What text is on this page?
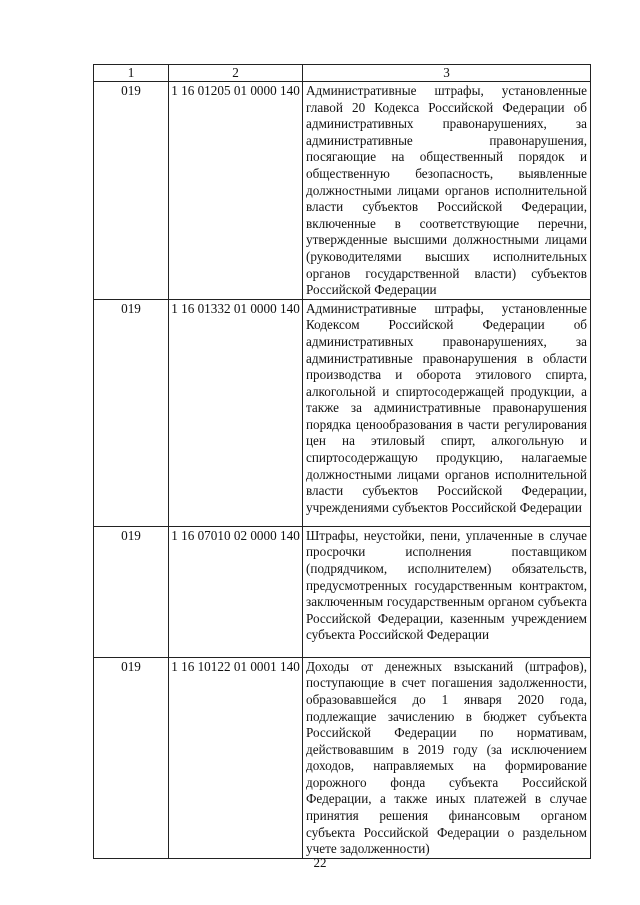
1	2	3
019	1 16 01205 01 0000 140	Административные штрафы, установленные главой 20 Кодекса Российской Федерации об административных правонарушениях, за административные правонарушения, посягающие на общественный порядок и общественную безопасность, выявленные должностными лицами органов исполнительной власти субъектов Российской Федерации, включенные в соответствующие перечни, утвержденные высшими должностными лицами (руководителями высших исполнительных органов государственной власти) субъектов Российской Федерации
019	1 16 01332 01 0000 140	Административные штрафы, установленные Кодексом Российской Федерации об административных правонарушениях, за административные правонарушения в области производства и оборота этилового спирта, алкогольной и спиртосодержащей продукции, а также за административные правонарушения порядка ценообразования в части регулирования цен на этиловый спирт, алкогольную и спиртосодержащую продукцию, налагаемые должностными лицами органов исполнительной власти субъектов Российской Федерации, учреждениями субъектов Российской Федерации
019	1 16 07010 02 0000 140	Штрафы, неустойки, пени, уплаченные в случае просрочки исполнения поставщиком (подрядчиком, исполнителем) обязательств, предусмотренных государственным контрактом, заключенным государственным органом субъекта Российской Федерации, казенным учреждением субъекта Российской Федерации
019	1 16 10122 01 0001 140	Доходы от денежных взысканий (штрафов), поступающие в счет погашения задолженности, образовавшейся до 1 января 2020 года, подлежащие зачислению в бюджет субъекта Российской Федерации по нормативам, действовавшим в 2019 году (за исключением доходов, направляемых на формирование дорожного фонда субъекта Российской Федерации, а также иных платежей в случае принятия решения финансовым органом субъекта Российской Федерации о раздельном учете задолженности)
22
